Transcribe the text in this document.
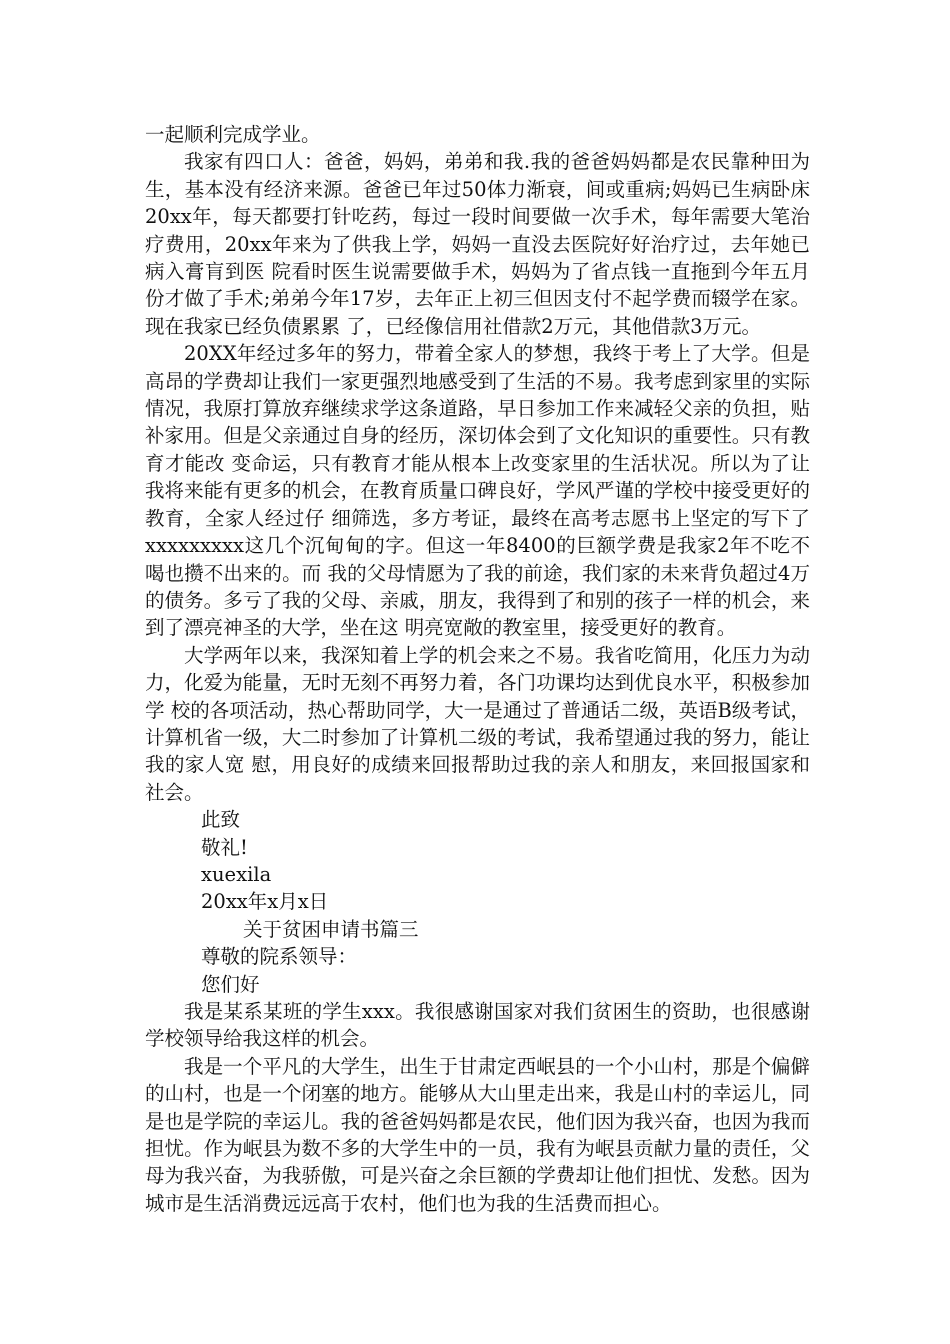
一起顺利完成学业。

我家有四口人：爸爸，妈妈，弟弟和我.我的爸爸妈妈都是农民靠种田为生，基本没有经济来源。爸爸已年过50体力渐衰，间或重病;妈妈已生病卧床 20xx年，每天都要打针吃药，每过一段时间要做一次手术，每年需要大笔治疗费用，20xx年来为了供我上学，妈妈一直没去医院好好治疗过，去年她已病入膏肓到医 院看时医生说需要做手术，妈妈为了省点钱一直拖到今年五月份才做了手术;弟弟今年17岁，去年正上初三但因支付不起学费而辍学在家。现在我家已经负债累累 了，已经像信用社借款2万元，其他借款3万元。

20XX年经过多年的努力，带着全家人的梦想，我终于考上了大学。但是高昂的学费却让我们一家更强烈地感受到了生活的不易。我考虑到家里的实际 情况，我原打算放弃继续求学这条道路，早日参加工作来减轻父亲的负担，贴补家用。但是父亲通过自身的经历，深切体会到了文化知识的重要性。只有教育才能改 变命运，只有教育才能从根本上改变家里的生活状况。所以为了让我将来能有更多的机会，在教育质量口碑良好，学风严谨的学校中接受更好的教育，全家人经过仔 细筛选，多方考证，最终在高考志愿书上坚定的写下了xxxxxxxxx这几个沉甸甸的字。但这一年8400的巨额学费是我家2年不吃不喝也攒不出来的。而 我的父母情愿为了我的前途，我们家的未来背负超过4万的债务。多亏了我的父母、亲戚，朋友，我得到了和别的孩子一样的机会，来到了漂亮神圣的大学，坐在这 明亮宽敞的教室里，接受更好的教育。

大学两年以来，我深知着上学的机会来之不易。我省吃简用，化压力为动力，化爱为能量，无时无刻不再努力着，各门功课均达到优良水平，积极参加学 校的各项活动，热心帮助同学，大一是通过了普通话二级，英语B级考试，计算机省一级，大二时参加了计算机二级的考试，我希望通过我的努力，能让我的家人宽 慰，用良好的成绩来回报帮助过我的亲人和朋友，来回报国家和社会。

此致

敬礼!

xuexila

20xx年x月x日

关于贫困申请书篇三

尊敬的院系领导：

您们好

我是某系某班的学生xxx。我很感谢国家对我们贫困生的资助，也很感谢学校领导给我这样的机会。

我是一个平凡的大学生，出生于甘肃定西岷县的一个小山村，那是个偏僻的山村，也是一个闭塞的地方。能够从大山里走出来，我是山村的幸运儿，同是也是学院的幸运儿。我的爸爸妈妈都是农民，他们因为我兴奋，也因为我而担忧。作为岷县为数不多的大学生中的一员，我有为岷县贡献力量的责任，父母为我兴奋，为我骄傲，可是兴奋之余巨额的学费却让他们担忧、发愁。因为城市是生活消费远远高于农村，他们也为我的生活费而担心。
